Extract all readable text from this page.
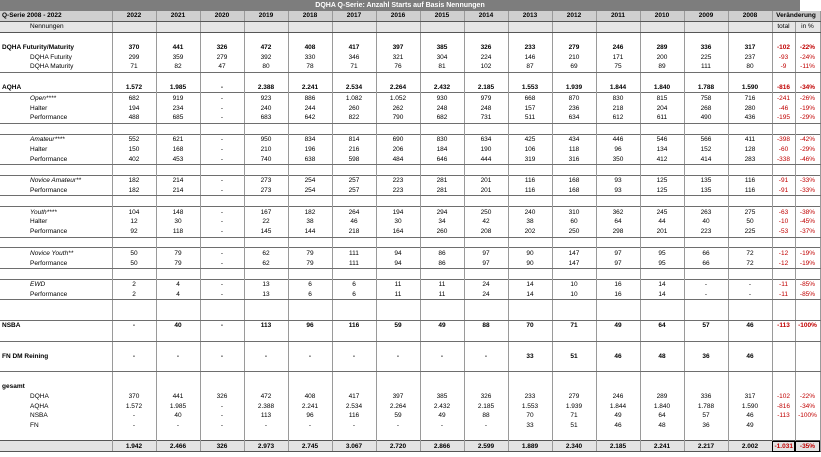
DQHA Q-Serie: Anzahl Starts auf Basis Nennungen
Q-Serie 2008 - 2022	2022	2021	2020	2019	2018	2017	2016	2015	2014	2013	2012	2011	2010	2009	2008	Veränderung	
Nennungen																total	in %

DQHA Futurity/Maturity	370	441	326	472	408	417	397	385	326	233	279	246	289	336	317	-102	-22%
DQHA Futurity	299	359	279	392	330	346	321	304	224	146	210	171	200	225	237	-93	-24%
DQHA Maturity	71	82	47	80	78	71	76	81	102	87	69	75	89	111	80	-9	-11%

AQHA	1.572	1.985	-	2.388	2.241	2.534	2.264	2.432	2.185	1.553	1.939	1.844	1.840	1.788	1.590	-816	-34%
Open****	682	919	-	923	886	1.082	1.052	930	979	668	870	830	815	758	716	-241	-26%
Halter	194	234	-	240	244	260	262	248	248	157	236	218	204	268	280	-46	-19%
Performance	488	685	-	683	642	822	790	682	731	511	634	612	611	490	436	-195	-29%

Amateur****	552	621	-	950	834	814	690	830	634	425	434	446	546	566	411	-398	-42%
Halter	150	168	-	210	196	216	206	184	190	106	118	96	134	152	128	-60	-29%
Performance	402	453	-	740	638	598	484	646	444	319	316	350	412	414	283	-338	-46%

Novice Amateur**	182	214	-	273	254	257	223	281	201	116	168	93	125	135	116	-91	-33%
Performance	182	214	-	273	254	257	223	281	201	116	168	93	125	135	116	-91	-33%

Youth****	104	148	-	167	182	264	194	294	250	240	310	362	245	263	275	-63	-38%
Halter	12	30	-	22	38	46	30	34	42	38	60	64	44	40	50	-10	-45%
Performance	92	118	-	145	144	218	164	260	208	202	250	298	201	223	225	-53	-37%

Novice Youth**	50	79	-	62	79	111	94	86	97	90	147	97	95	66	72	-12	-19%
Performance	50	79	-	62	79	111	94	86	97	90	147	97	95	66	72	-12	-19%

EWD	2	4	-	13	6	6	11	11	24	14	10	16	14	-	-	-11	-85%
Performance	2	4	-	13	6	6	11	11	24	14	10	16	14	-	-	-11	-85%

NSBA	-	40	-	113	96	116	59	49	88	70	71	49	64	57	46	-113	-100%

FN DM Reining	-	-	-	-	-	-	-	-	-	33	51	46	48	36	46		

gesamt																	
DQHA	370	441	326	472	408	417	397	385	326	233	279	246	289	336	317	-102	-22%
AQHA	1.572	1.985	-	2.388	2.241	2.534	2.264	2.432	2.185	1.553	1.939	1.844	1.840	1.788	1.590	-816	-34%
NSBA	-	40	-	113	96	116	59	49	88	70	71	49	64	57	46	-113	-100%
FN	-	-	-	-	-	-	-	-	-	33	51	46	48	36	49		

	1.942	2.466	326	2.973	2.745	3.067	2.720	2.866	2.599	1.889	2.340	2.185	2.241	2.217	2.002	-1.031	-35%
